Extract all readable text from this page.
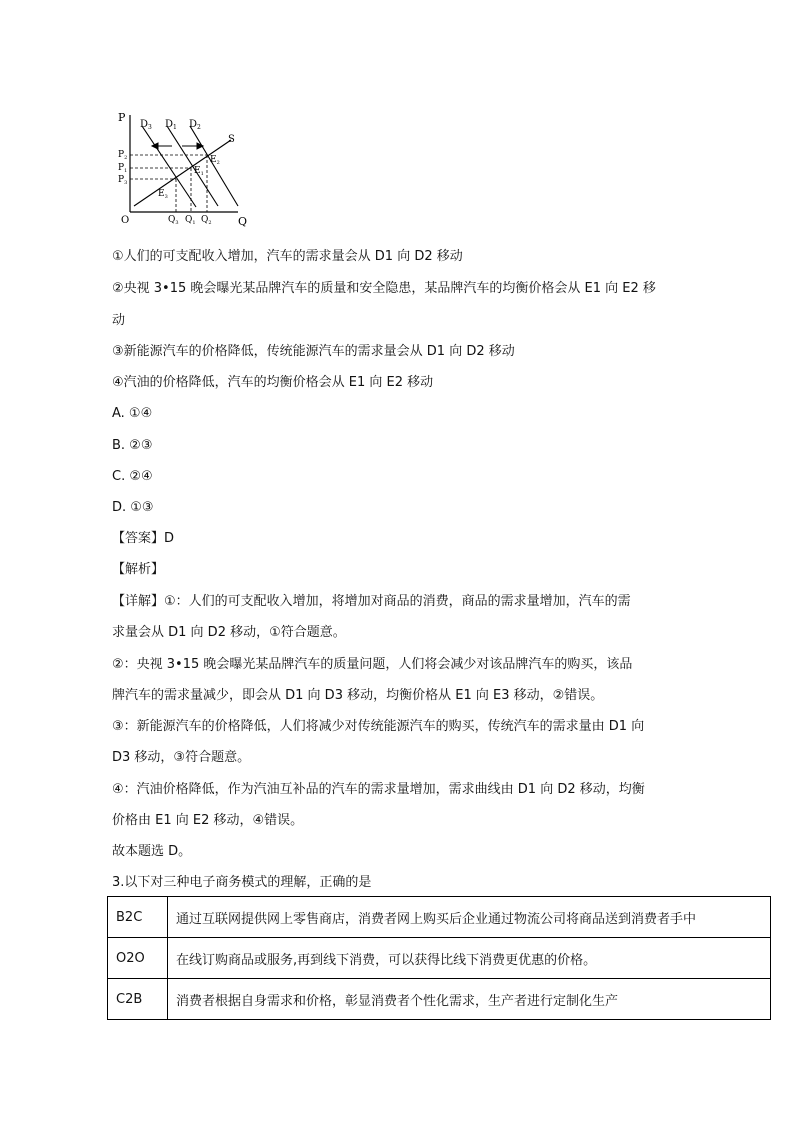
P
Q
O
$D_3$ $D_1$ $D_2$
S
$P_2$
$P_1$
$P_3$
$E_2$
$E_1$
$E_3$
$Q_3$ $Q_1$ $Q_2$
①人们的可支配收入增加，汽车的需求量会从 D1 向 D2 移动
②央视 3•15 晚会曝光某品牌汽车的质量和安全隐患，某品牌汽车的均衡价格会从 E1 向 E2 移
动
③新能源汽车的价格降低，传统能源汽车的需求量会从 D1 向 D2 移动
④汽油的价格降低，汽车的均衡价格会从 E1 向 E2 移动
A. ①④
B. ②③
C. ②④
D. ①③
【答案】D
【解析】
【详解】①：人们的可支配收入增加，将增加对商品的消费，商品的需求量增加，汽车的需
求量会从 D1 向 D2 移动，①符合题意。
②：央视 3•15 晚会曝光某品牌汽车的质量问题，人们将会减少对该品牌汽车的购买，该品
牌汽车的需求量减少，即会从 D1 向 D3 移动，均衡价格从 E1 向 E3 移动，②错误。
③：新能源汽车的价格降低，人们将减少对传统能源汽车的购买，传统汽车的需求量由 D1 向
D3 移动，③符合题意。
④：汽油价格降低，作为汽油互补品的汽车的需求量增加，需求曲线由 D1 向 D2 移动，均衡
价格由 E1 向 E2 移动，④错误。
故本题选 D。
3.以下对三种电子商务模式的理解，正确的是
B2C	通过互联网提供网上零售商店，消费者网上购买后企业通过物流公司将商品送到消费者手中
O2O	在线订购商品或服务,再到线下消费，可以获得比线下消费更优惠的价格。
C2B	消费者根据自身需求和价格，彰显消费者个性化需求，生产者进行定制化生产
